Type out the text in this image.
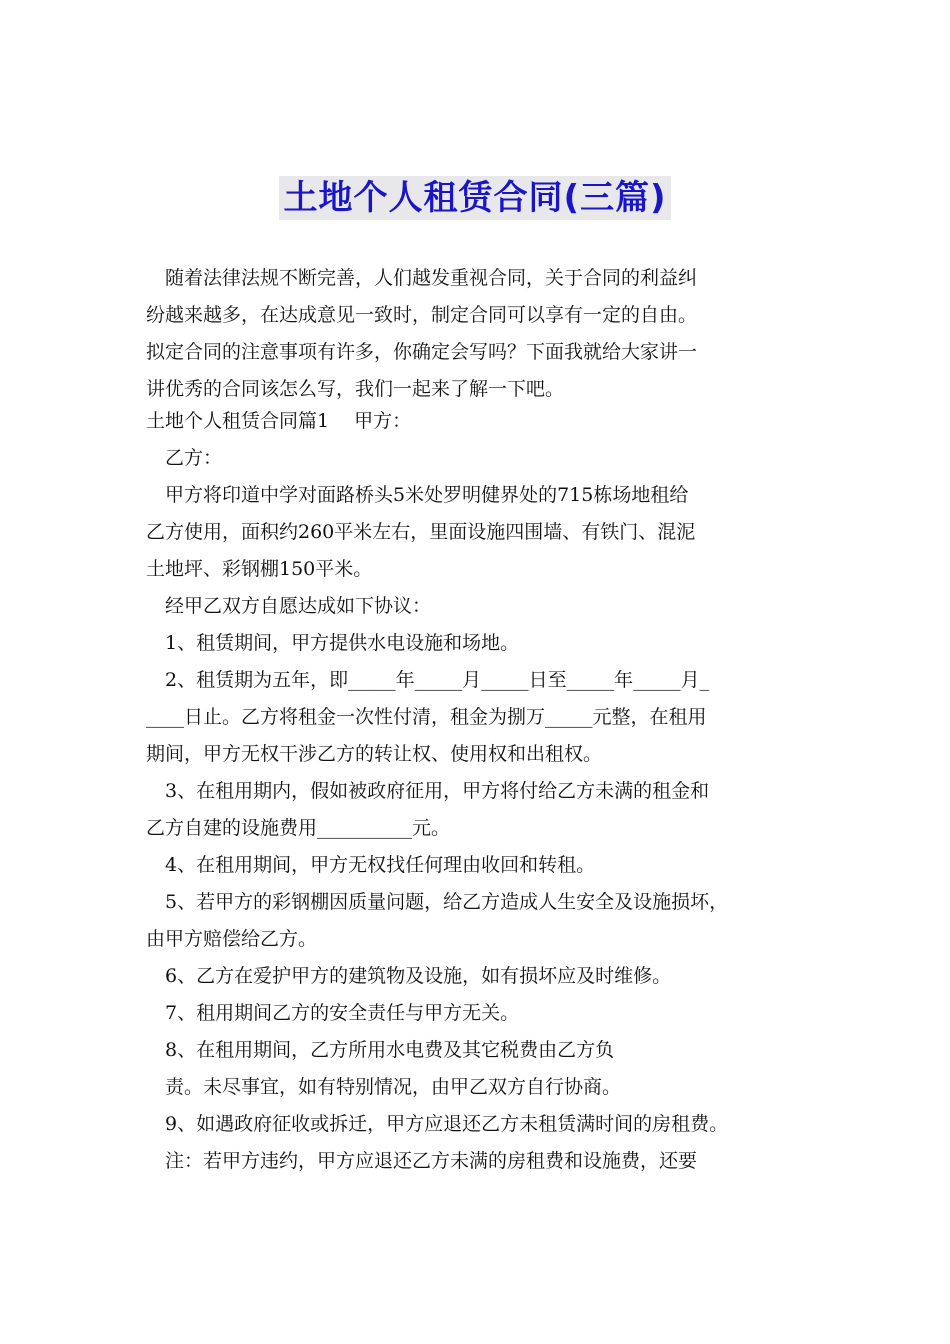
土地个人租赁合同(三篇)
　随着法律法规不断完善，人们越发重视合同，关于合同的利益纠
纷越来越多，在达成意见一致时，制定合同可以享有一定的自由。
拟定合同的注意事项有许多，你确定会写吗？下面我就给大家讲一
讲优秀的合同该怎么写，我们一起来了解一下吧。
土地个人租赁合同篇1　 甲方：
　乙方：
　甲方将印道中学对面路桥头5米处罗明健界处的715栋场地租给
乙方使用，面积约260平米左右，里面设施四围墙、有铁门、混泥
土地坪、彩钢棚150平米。
　经甲乙双方自愿达成如下协议：
　1、租赁期间，甲方提供水电设施和场地。
　2、租赁期为五年，即_____年_____月_____日至_____年_____月_
____日止。乙方将租金一次性付清，租金为捌万_____元整，在租用
期间，甲方无权干涉乙方的转让权、使用权和出租权。
　3、在租用期内，假如被政府征用，甲方将付给乙方未满的租金和
乙方自建的设施费用__________元。
　4、在租用期间，甲方无权找任何理由收回和转租。
　5、若甲方的彩钢棚因质量问题，给乙方造成人生安全及设施损坏，
由甲方赔偿给乙方。
　6、乙方在爱护甲方的建筑物及设施，如有损坏应及时维修。
　7、租用期间乙方的安全责任与甲方无关。
　8、在租用期间，乙方所用水电费及其它税费由乙方负
　责。未尽事宜，如有特别情况，由甲乙双方自行协商。
　9、如遇政府征收或拆迁，甲方应退还乙方未租赁满时间的房租费。
　注：若甲方违约，甲方应退还乙方未满的房租费和设施费，还要
